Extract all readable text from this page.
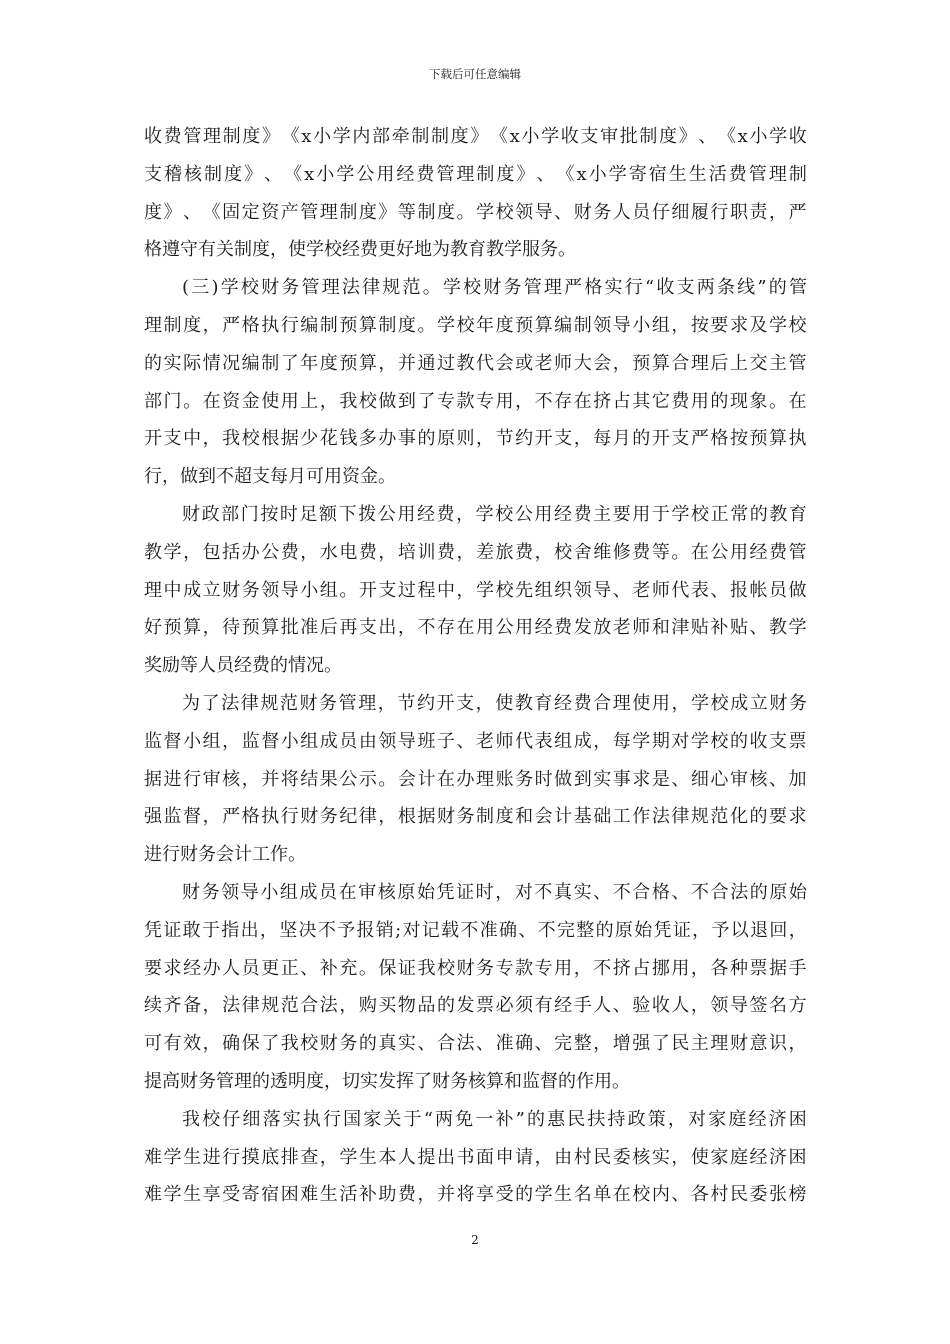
下载后可任意编辑
收 费 管 理 制 度 》 《 x 小 学 内 部 牵 制 制 度 》 《 x 小 学 收 支 审 批 制 度 》 、 《 x 小 学 收
支 稽 核 制 度 》 、 《 x 小 学 公 用 经 费 管 理 制 度 》 、 《 x 小 学 寄 宿 生 生 活 费 管 理 制
度 》 、 《 固 定 资 产 管 理 制 度 》 等 制 度 。 学 校 领 导 、 财 务 人 员 仔 细 履 行 职 责 ， 严
格遵守有关制度，使学校经费更好地为教育教学服务。
( 三 ) 学 校 财 务 管 理 法 律 规 范 。 学 校 财 务 管 理 严 格 实 行 “ 收 支 两 条 线 ” 的 管
理 制 度 ， 严 格 执 行 编 制 预 算 制 度 。 学 校 年 度 预 算 编 制 领 导 小 组 ， 按 要 求 及 学 校
的 实 际 情 况 编 制 了 年 度 预 算 ， 并 通 过 教 代 会 或 老 师 大 会 ， 预 算 合 理 后 上 交 主 管
部 门 。 在 资 金 使 用 上 ， 我 校 做 到 了 专 款 专 用 ， 不 存 在 挤 占 其 它 费 用 的 现 象 。 在
开 支 中 ， 我 校 根 据 少 花 钱 多 办 事 的 原 则 ， 节 约 开 支 ， 每 月 的 开 支 严 格 按 预 算 执
行，做到不超支每月可用资金。
财 政 部 门 按 时 足 额 下 拨 公 用 经 费 ， 学 校 公 用 经 费 主 要 用 于 学 校 正 常 的 教 育
教 学 ， 包 括 办 公 费 ， 水 电 费 ， 培 训 费 ， 差 旅 费 ， 校 舍 维 修 费 等 。 在 公 用 经 费 管
理 中 成 立 财 务 领 导 小 组 。 开 支 过 程 中 ， 学 校 先 组 织 领 导 、 老 师 代 表 、 报 帐 员 做
好 预 算 ， 待 预 算 批 准 后 再 支 出 ， 不 存 在 用 公 用 经 费 发 放 老 师 和 津 贴 补 贴 、 教 学
奖励等人员经费的情况。
为 了 法 律 规 范 财 务 管 理 ， 节 约 开 支 ， 使 教 育 经 费 合 理 使 用 ， 学 校 成 立 财 务
监 督 小 组 ， 监 督 小 组 成 员 由 领 导 班 子 、 老 师 代 表 组 成 ， 每 学 期 对 学 校 的 收 支 票
据 进 行 审 核 ， 并 将 结 果 公 示 。 会 计 在 办 理 账 务 时 做 到 实 事 求 是 、 细 心 审 核 、 加
强 监 督 ， 严 格 执 行 财 务 纪 律 ， 根 据 财 务 制 度 和 会 计 基 础 工 作 法 律 规 范 化 的 要 求
进行财务会计工作。
财 务 领 导 小 组 成 员 在 审 核 原 始 凭 证 时 ， 对 不 真 实 、 不 合 格 、 不 合 法 的 原 始
凭 证 敢 于 指 出 ， 坚 决 不 予 报 销 ; 对 记 载 不 准 确 、 不 完 整 的 原 始 凭 证 ， 予 以 退 回 ，
要 求 经 办 人 员 更 正 、 补 充 。 保 证 我 校 财 务 专 款 专 用 ， 不 挤 占 挪 用 ， 各 种 票 据 手
续 齐 备 ， 法 律 规 范 合 法 ， 购 买 物 品 的 发 票 必 须 有 经 手 人 、 验 收 人 ， 领 导 签 名 方
可 有 效 ， 确 保 了 我 校 财 务 的 真 实 、 合 法 、 准 确 、 完 整 ， 增 强 了 民 主 理 财 意 识 ，
提高财务管理的透明度，切实发挥了财务核算和监督的作用。
我 校 仔 细 落 实 执 行 国 家 关 于 “ 两 免 一 补 ” 的 惠 民 扶 持 政 策 ， 对 家 庭 经 济 困
难 学 生 进 行 摸 底 排 查 ， 学 生 本 人 提 出 书 面 申 请 ， 由 村 民 委 核 实 ， 使 家 庭 经 济 困
难 学 生 享 受 寄 宿 困 难 生 活 补 助 费 ， 并 将 享 受 的 学 生 名 单 在 校 内 、 各 村 民 委 张 榜
2
